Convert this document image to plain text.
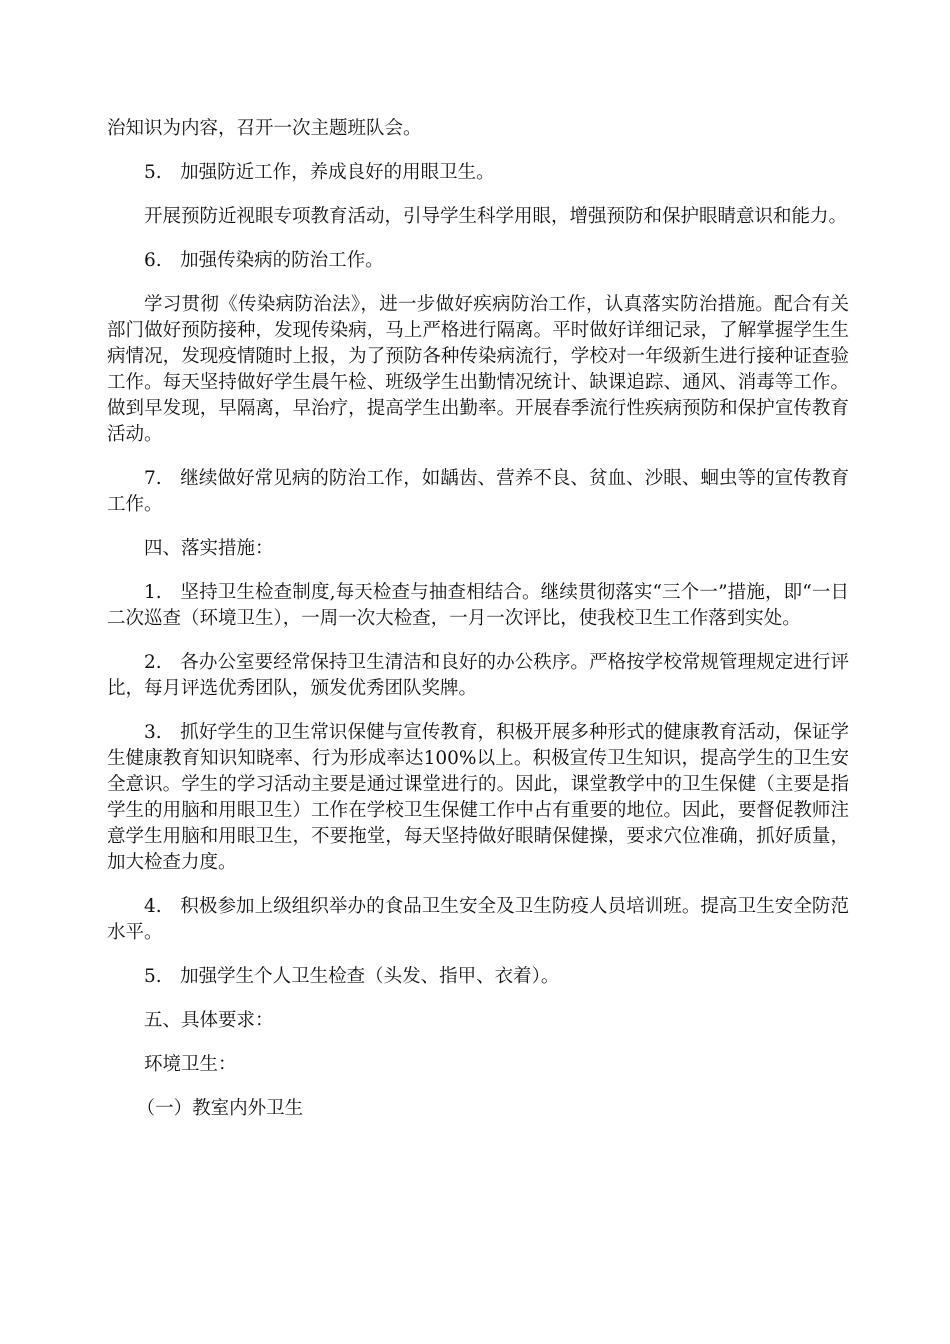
治知识为内容，召开一次主题班队会。

5.　加强防近工作，养成良好的用眼卫生。

开展预防近视眼专项教育活动，引导学生科学用眼，增强预防和保护眼睛意识和能力。

6.　加强传染病的防治工作。

学习贯彻《传染病防治法》，进一步做好疾病防治工作，认真落实防治措施。配合有关部门做好预防接种，发现传染病，马上严格进行隔离。平时做好详细记录，了解掌握学生生病情况，发现疫情随时上报，为了预防各种传染病流行，学校对一年级新生进行接种证查验工作。每天坚持做好学生晨午检、班级学生出勤情况统计、缺课追踪、通风、消毒等工作。做到早发现，早隔离，早治疗，提高学生出勤率。开展春季流行性疾病预防和保护宣传教育活动。

7.　继续做好常见病的防治工作，如龋齿、营养不良、贫血、沙眼、蛔虫等的宣传教育工作。

四、落实措施：

1.　坚持卫生检查制度,每天检查与抽查相结合。继续贯彻落实“三个一”措施，即“一日二次巡查（环境卫生），一周一次大检查，一月一次评比，使我校卫生工作落到实处。

2.　各办公室要经常保持卫生清洁和良好的办公秩序。严格按学校常规管理规定进行评比，每月评选优秀团队，颁发优秀团队奖牌。

3.　抓好学生的卫生常识保健与宣传教育，积极开展多种形式的健康教育活动，保证学生健康教育知识知晓率、行为形成率达100%以上。积极宣传卫生知识，提高学生的卫生安全意识。学生的学习活动主要是通过课堂进行的。因此，课堂教学中的卫生保健（主要是指学生的用脑和用眼卫生）工作在学校卫生保健工作中占有重要的地位。因此，要督促教师注意学生用脑和用眼卫生，不要拖堂，每天坚持做好眼睛保健操，要求穴位准确，抓好质量，加大检查力度。

4.　积极参加上级组织举办的食品卫生安全及卫生防疫人员培训班。提高卫生安全防范水平。

5.　加强学生个人卫生检查（头发、指甲、衣着）。

五、具体要求：

环境卫生：

（一）教室内外卫生
